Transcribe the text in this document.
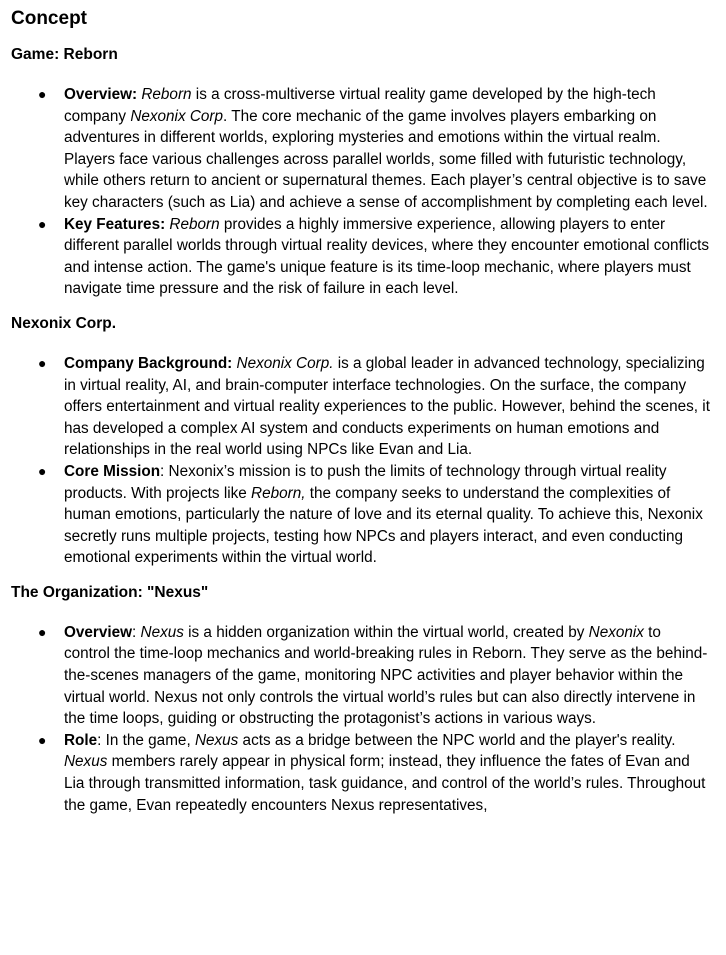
Concept
Game: Reborn
● Overview: Reborn is a cross-multiverse virtual reality game developed by the high-tech company Nexonix Corp. The core mechanic of the game involves players embarking on adventures in different worlds, exploring mysteries and emotions within the virtual realm. Players face various challenges across parallel worlds, some filled with futuristic technology, while others return to ancient or supernatural themes. Each player’s central objective is to save key characters (such as Lia) and achieve a sense of accomplishment by completing each level.
● Key Features: Reborn provides a highly immersive experience, allowing players to enter different parallel worlds through virtual reality devices, where they encounter emotional conflicts and intense action. The game's unique feature is its time-loop mechanic, where players must navigate time pressure and the risk of failure in each level.
Nexonix Corp.
● Company Background: Nexonix Corp. is a global leader in advanced technology, specializing in virtual reality, AI, and brain-computer interface technologies. On the surface, the company offers entertainment and virtual reality experiences to the public. However, behind the scenes, it has developed a complex AI system and conducts experiments on human emotions and relationships in the real world using NPCs like Evan and Lia.
● Core Mission: Nexonix’s mission is to push the limits of technology through virtual reality products. With projects like Reborn, the company seeks to understand the complexities of human emotions, particularly the nature of love and its eternal quality. To achieve this, Nexonix secretly runs multiple projects, testing how NPCs and players interact, and even conducting emotional experiments within the virtual world.
The Organization: "Nexus"
● Overview: Nexus is a hidden organization within the virtual world, created by Nexonix to control the time-loop mechanics and world-breaking rules in Reborn. They serve as the behind-the-scenes managers of the game, monitoring NPC activities and player behavior within the virtual world. Nexus not only controls the virtual world’s rules but can also directly intervene in the time loops, guiding or obstructing the protagonist’s actions in various ways.
● Role: In the game, Nexus acts as a bridge between the NPC world and the player's reality. Nexus members rarely appear in physical form; instead, they influence the fates of Evan and Lia through transmitted information, task guidance, and control of the world’s rules. Throughout the game, Evan repeatedly encounters Nexus representatives,
